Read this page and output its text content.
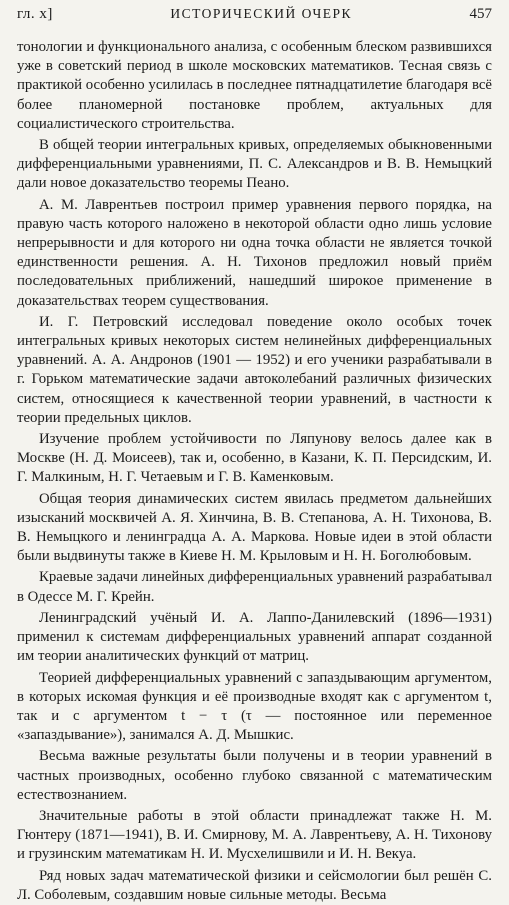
гл. x]	ИСТОРИЧЕСКИЙ ОЧЕРК	457

тонологии и функционального анализа, с особенным блеском развившихся уже в советский период в школе московских математиков. Тесная связь с практикой особенно усилилась в последнее пятнадцатилетие благодаря всё более планомерной постановке проблем, актуальных для социалистического строительства.

В общей теории интегральных кривых, определяемых обыкновенными дифференциальными уравнениями, П. С. Александров и В. В. Немыцкий дали новое доказательство теоремы Пеано.

А. М. Лаврентьев построил пример уравнения первого порядка, на правую часть которого наложено в некоторой области одно лишь условие непрерывности и для которого ни одна точка области не является точкой единственности решения. А. Н. Тихонов предложил новый приём последовательных приближений, нашедший широкое применение в доказательствах теорем существования.

И. Г. Петровский исследовал поведение около особых точек интегральных кривых некоторых систем нелинейных дифференциальных уравнений. А. А. Андронов (1901 — 1952) и его ученики разрабатывали в г. Горьком математические задачи автоколебаний различных физических систем, относящиеся к качественной теории уравнений, в частности к теории предельных циклов.

Изучение проблем устойчивости по Ляпунову велось далее как в Москве (Н. Д. Моисеев), так и, особенно, в Казани, К. П. Персидским, И. Г. Малкиным, Н. Г. Четаевым и Г. В. Каменковым.

Общая теория динамических систем явилась предметом дальнейших изысканий москвичей А. Я. Хинчина, В. В. Степанова, А. Н. Тихонова, В. В. Немыцкого и ленинградца А. А. Маркова. Новые идеи в этой области были выдвинуты также в Киеве Н. М. Крыловым и Н. Н. Боголюбовым.

Краевые задачи линейных дифференциальных уравнений разрабатывал в Одессе М. Г. Крейн.

Ленинградский учёный И. А. Лаппо-Данилевский (1896—1931) применил к системам дифференциальных уравнений аппарат созданной им теории аналитических функций от матриц.

Теорией дифференциальных уравнений с запаздывающим аргументом, в которых искомая функция и её производные входят как с аргументом t, так и с аргументом t − τ (τ — постоянное или переменное «запаздывание»), занимался А. Д. Мышкис.

Весьма важные результаты были получены и в теории уравнений в частных производных, особенно глубоко связанной с математическим естествознанием.

Значительные работы в этой области принадлежат также Н. М. Гюнтеру (1871—1941), В. И. Смирнову, М. А. Лаврентьеву, А. Н. Тихонову и грузинским математикам Н. И. Мусхелишвили и И. Н. Векуа.

Ряд новых задач математической физики и сейсмологии был решён С. Л. Соболевым, создавшим новые сильные методы. Весьма
